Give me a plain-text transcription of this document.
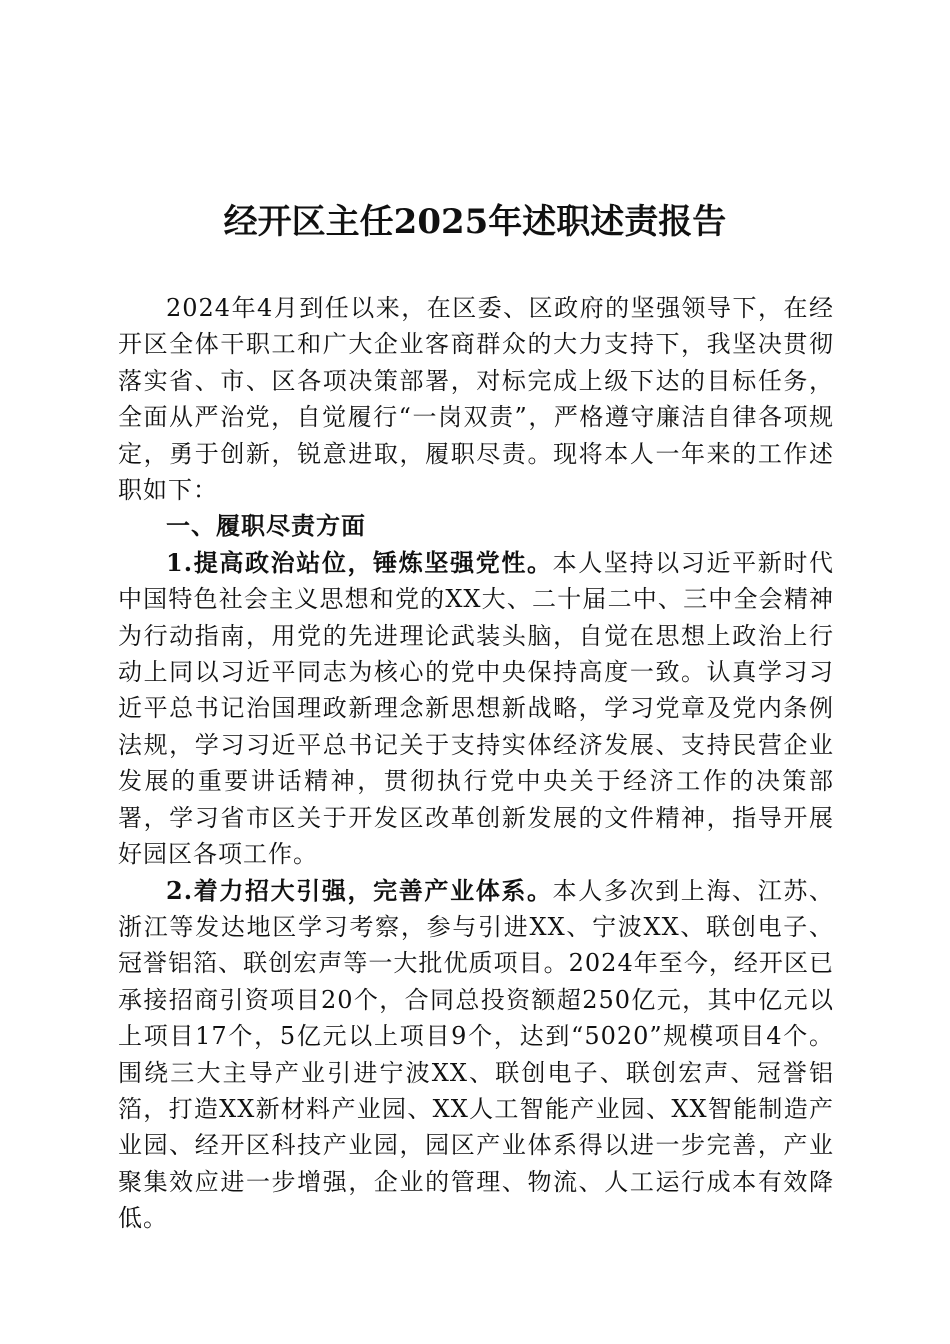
经开区主任2025年述职述责报告

2024年4月到任以来，在区委、区政府的坚强领导下，在经开区全体干职工和广大企业客商群众的大力支持下，我坚决贯彻落实省、市、区各项决策部署，对标完成上级下达的目标任务，全面从严治党，自觉履行“一岗双责”，严格遵守廉洁自律各项规定，勇于创新，锐意进取，履职尽责。现将本人一年来的工作述职如下：

一、履职尽责方面

1.提高政治站位，锤炼坚强党性。本人坚持以习近平新时代中国特色社会主义思想和党的XX大、二十届二中、三中全会精神为行动指南，用党的先进理论武装头脑，自觉在思想上政治上行动上同以习近平同志为核心的党中央保持高度一致。认真学习习近平总书记治国理政新理念新思想新战略，学习党章及党内条例法规，学习习近平总书记关于支持实体经济发展、支持民营企业发展的重要讲话精神，贯彻执行党中央关于经济工作的决策部署，学习省市区关于开发区改革创新发展的文件精神，指导开展好园区各项工作。

2.着力招大引强，完善产业体系。本人多次到上海、江苏、浙江等发达地区学习考察，参与引进XX、宁波XX、联创电子、冠誉铝箔、联创宏声等一大批优质项目。2024年至今，经开区已承接招商引资项目20个，合同总投资额超250亿元，其中亿元以上项目17个，5亿元以上项目9个，达到“5020”规模项目4个。围绕三大主导产业引进宁波XX、联创电子、联创宏声、冠誉铝箔，打造XX新材料产业园、XX人工智能产业园、XX智能制造产业园、经开区科技产业园，园区产业体系得以进一步完善，产业聚集效应进一步增强，企业的管理、物流、人工运行成本有效降低。
